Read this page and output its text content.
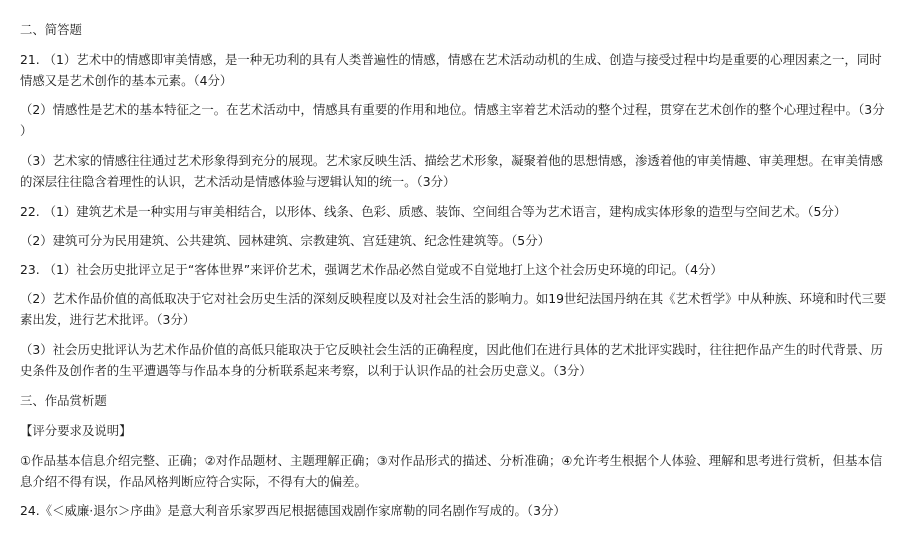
二、简答题
21. （1）艺术中的情感即审美情感，是一种无功利的具有人类普遍性的情感，情感在艺术活动动机的生成、创造与接受过程中均是重要的心理因素之一，同时
情感又是艺术创作的基本元素。（4分）
（2）情感性是艺术的基本特征之一。在艺术活动中，情感具有重要的作用和地位。情感主宰着艺术活动的整个过程，贯穿在艺术创作的整个心理过程中。（3分
）
（3）艺术家的情感往往通过艺术形象得到充分的展现。艺术家反映生活、描绘艺术形象，凝聚着他的思想情感，渗透着他的审美情趣、审美理想。在审美情感
的深层往往隐含着理性的认识，艺术活动是情感体验与逻辑认知的统一。（3分）
22. （1）建筑艺术是一种实用与审美相结合，以形体、线条、色彩、质感、装饰、空间组合等为艺术语言，建构成实体形象的造型与空间艺术。（5分）
（2）建筑可分为民用建筑、公共建筑、园林建筑、宗教建筑、宫廷建筑、纪念性建筑等。（5分）
23. （1）社会历史批评立足于“客体世界”来评价艺术，强调艺术作品必然自觉或不自觉地打上这个社会历史环境的印记。（4分）
（2）艺术作品价值的高低取决于它对社会历史生活的深刻反映程度以及对社会生活的影响力。如19世纪法国丹纳在其《艺术哲学》中从种族、环境和时代三要
素出发，进行艺术批评。（3分）
（3）社会历史批评认为艺术作品价值的高低只能取决于它反映社会生活的正确程度，因此他们在进行具体的艺术批评实践时，往往把作品产生的时代背景、历
史条件及创作者的生平遭遇等与作品本身的分析联系起来考察，以利于认识作品的社会历史意义。（3分）
三、作品赏析题
【评分要求及说明】
①作品基本信息介绍完整、正确；②对作品题材、主题理解正确；③对作品形式的描述、分析准确；④允许考生根据个人体验、理解和思考进行赏析，但基本信
息介绍不得有误，作品风格判断应符合实际，不得有大的偏差。
24.《＜威廉·退尔＞序曲》是意大利音乐家罗西尼根据德国戏剧作家席勒的同名剧作写成的。（3分）
